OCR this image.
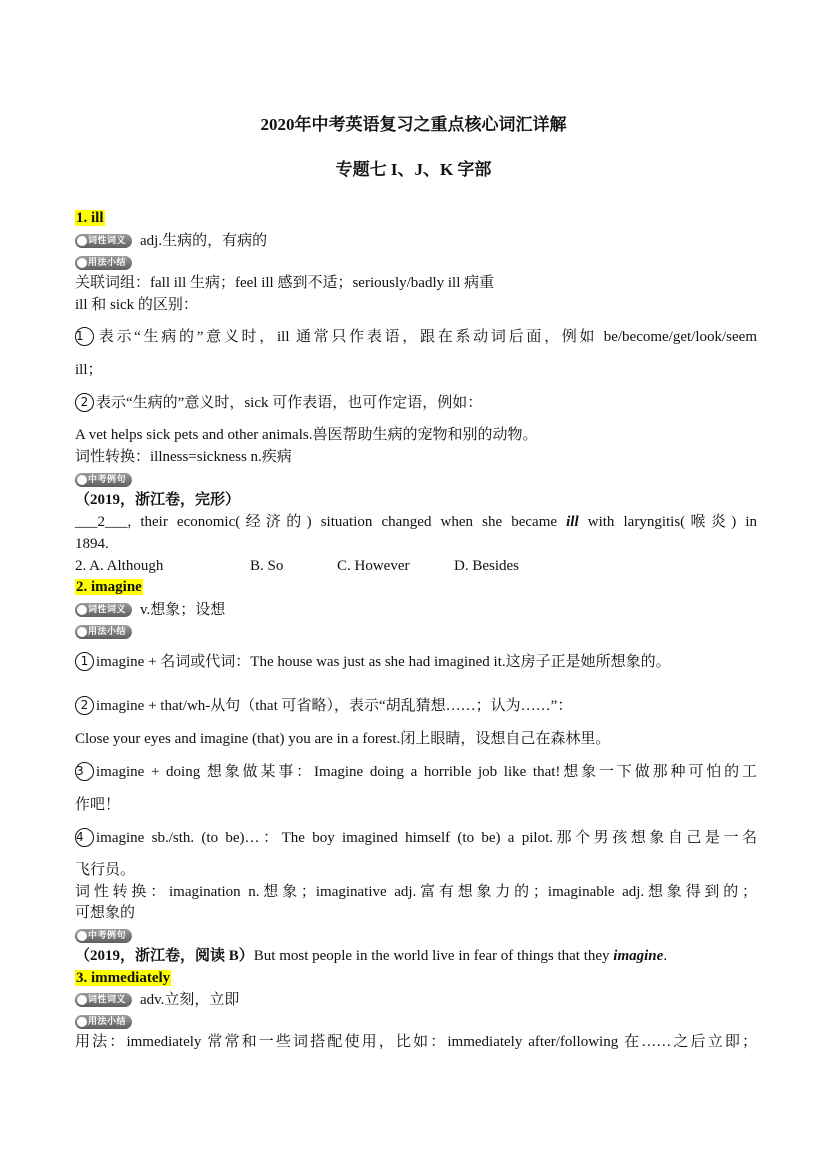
2020年中考英语复习之重点核心词汇详解
专题七 I、J、K 字部
1. ill
词性词义 adj.生病的，有病的
用法小结
关联词组：fall ill 生病；feel ill 感到不适；seriously/badly ill 病重
ill 和 sick 的区别：
1 表示“生病的”意义时，ill 通常只作表语，跟在系动词后面，例如 be/become/get/look/seem
ill；
2 表示“生病的”意义时，sick 可作表语，也可作定语，例如：
A vet helps sick pets and other animals.兽医帮助生病的宠物和别的动物。
词性转换：illness=sickness n.疾病
中考例句
（2019，浙江卷，完形）
___2___, their economic(经济的) situation changed when she became ill with laryngitis(喉炎) in
1894.
2. A. Although	B. So	C. However	D. Besides
2. imagine
词性词义 v.想象；设想
用法小结
1 imagine + 名词或代词：The house was just as she had imagined it.这房子正是她所想象的。
2 imagine + that/wh-从句（that 可省略），表示“胡乱猜想……；认为……”：
Close your eyes and imagine (that) you are in a forest.闭上眼睛，设想自己在森林里。
3 imagine + doing 想象做某事：Imagine doing a horrible job like that!想象一下做那种可怕的工
作吧！
4 imagine sb./sth. (to be)…：The boy imagined himself (to be) a pilot.那个男孩想象自己是一名
飞行员。
词性转换：imagination n.想象；imaginative adj.富有想象力的；imaginable adj.想象得到的；
可想象的
中考例句
（2019，浙江卷，阅读 B）But most people in the world live in fear of things that they imagine.
3. immediately
词性词义 adv.立刻，立即
用法小结
用法：immediately 常常和一些词搭配使用，比如：immediately after/following 在……之后立即；
